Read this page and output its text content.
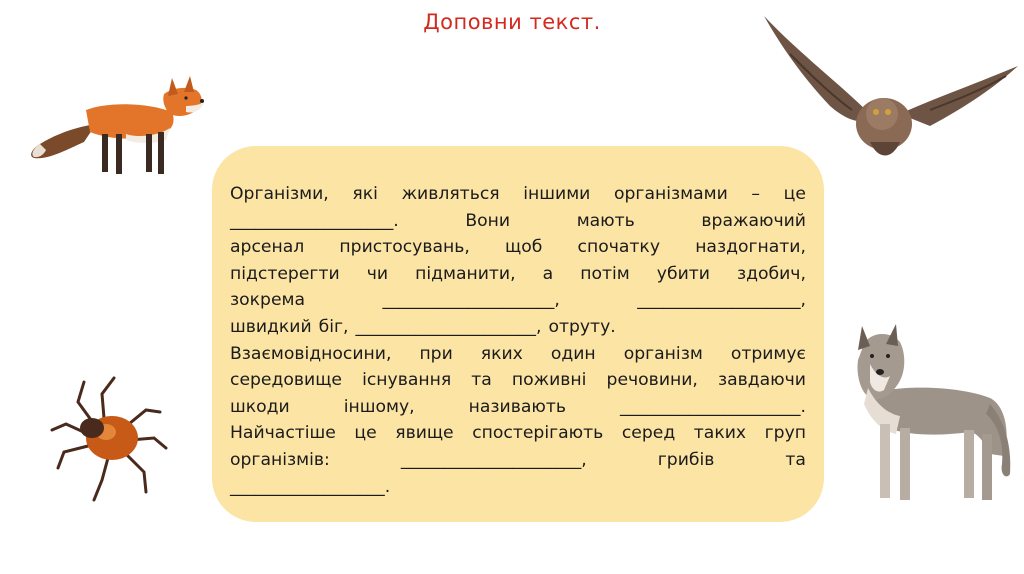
Доповни текст.
Організми, які живляться іншими організмами – це
___________________.	Вони	мають	вражаючий
арсенал пристосувань, щоб спочатку наздогнати,
підстерегти чи підманити, а потім убити здобич,
зокрема	____________________,	___________________,
швидкий біг, _____________________, отруту.
Взаємовідносини, при яких один організм отримує
середовище існування та поживні речовини, завдаючи
шкоди	іншому,	називають	_____________________.
Найчастіше це явище спостерігають серед таких груп
організмів:	_____________________,	грибів	та
__________________.
